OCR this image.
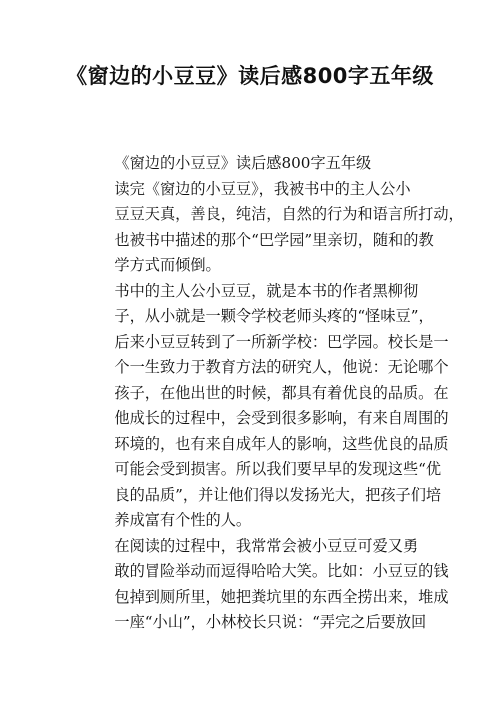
《窗边的小豆豆》读后感800字五年级

《窗边的小豆豆》读后感800字五年级

读完《窗边的小豆豆》，我被书中的主人公小
豆豆天真，善良，纯洁，自然的行为和语言所打动，
也被书中描述的那个“巴学园”里亲切，随和的教
学方式而倾倒。

书中的主人公小豆豆，就是本书的作者黑柳彻
子，从小就是一颗令学校老师头疼的“怪味豆”，
后来小豆豆转到了一所新学校：巴学园。校长是一
个一生致力于教育方法的研究人，他说：无论哪个
孩子，在他出世的时候，都具有着优良的品质。在
他成长的过程中，会受到很多影响，有来自周围的
环境的，也有来自成年人的影响，这些优良的品质
可能会受到损害。所以我们要早早的发现这些“优
良的品质”，并让他们得以发扬光大，把孩子们培
养成富有个性的人。

在阅读的过程中，我常常会被小豆豆可爱又勇
敢的冒险举动而逗得哈哈大笑。比如：小豆豆的钱
包掉到厕所里，她把粪坑里的东西全捞出来，堆成
一座“小山”，小林校长只说：“弄完之后要放回
